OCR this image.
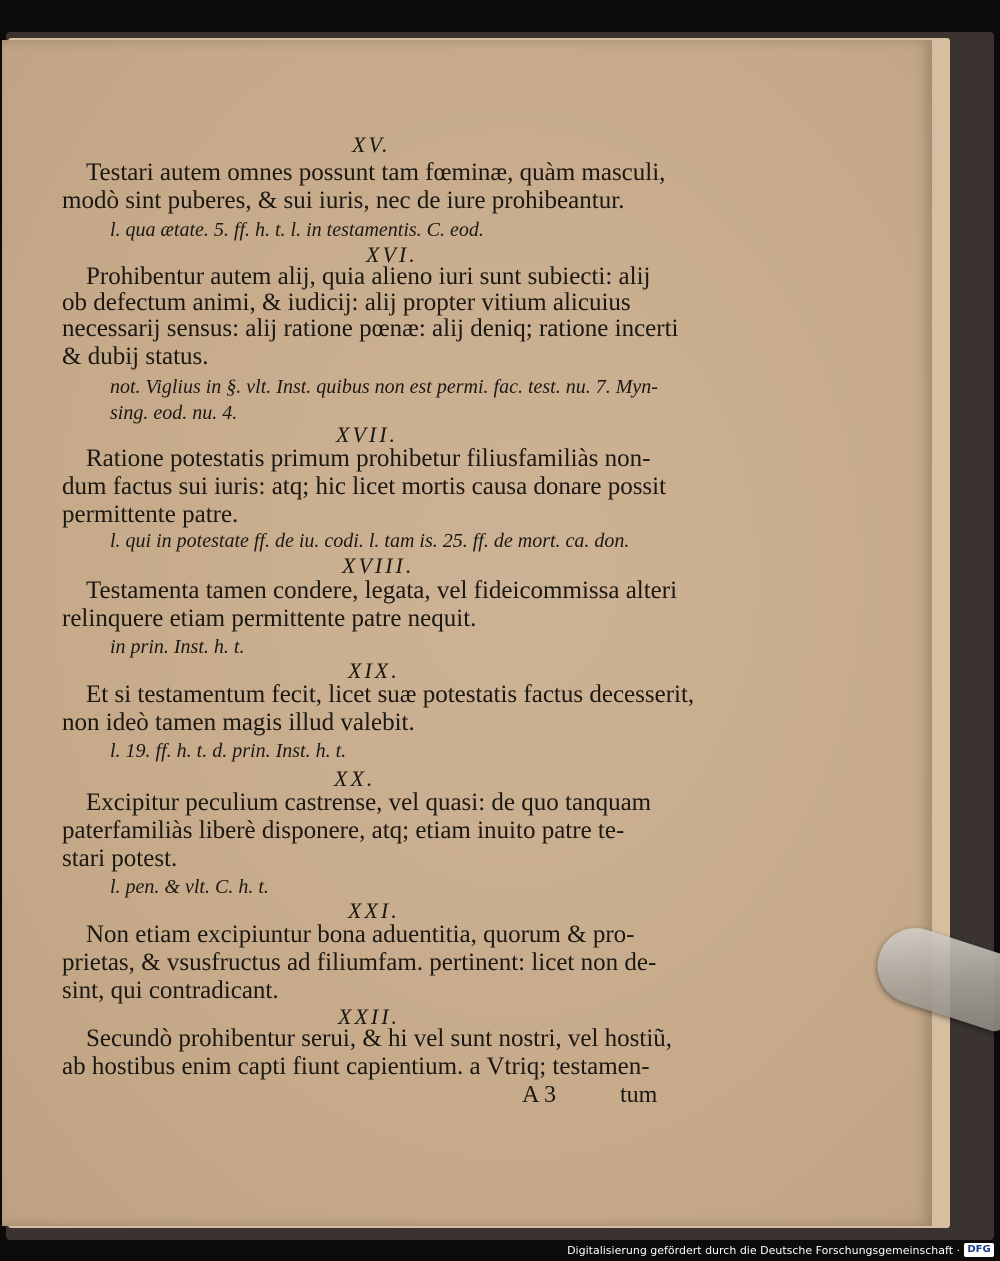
XV.
Testari autem omnes possunt tam fœminæ, quàm masculi,
modò sint puberes, & sui iuris, nec de iure prohibeantur.
l. qua ætate. 5. ff. h. t. l. in testamentis. C. eod.
XVI.
Prohibentur autem alij, quia alieno iuri sunt subiecti: alij
ob defectum animi, & iudicij: alij propter vitium alicuius
necessarij sensus: alij ratione pœnæ: alij deniq; ratione incerti
& dubij status.
not. Viglius in §. vlt. Inst. quibus non est permi. fac. test. nu. 7. Myn-
sing. eod. nu. 4.
XVII.
Ratione potestatis primum prohibetur filiusfamiliàs non-
dum factus sui iuris: atq; hic licet mortis causa donare possit
permittente patre.
l. qui in potestate ff. de iu. codi. l. tam is. 25. ff. de mort. ca. don.
XVIII.
Testamenta tamen condere, legata, vel fideicommissa alteri
relinquere etiam permittente patre nequit.
in prin. Inst. h. t.
XIX.
Et si testamentum fecit, licet suæ potestatis factus decesserit,
non ideò tamen magis illud valebit.
l. 19. ff. h. t. d. prin. Inst. h. t.
XX.
Excipitur peculium castrense, vel quasi: de quo tanquam
paterfamiliàs liberè disponere, atq; etiam inuito patre te-
stari potest.
l. pen. & vlt. C. h. t.
XXI.
Non etiam excipiuntur bona aduentitia, quorum & pro-
prietas, & vsusfructus ad filiumfam. pertinent: licet non de-
sint, qui contradicant.
XXII.
Secundò prohibentur serui, & hi vel sunt nostri, vel hostiũ,
ab hostibus enim capti fiunt capientium. a Vtriq; testamen-
A 3	tum
Digitalisierung gefördert durch die Deutsche Forschungsgemeinschaft · DFG
